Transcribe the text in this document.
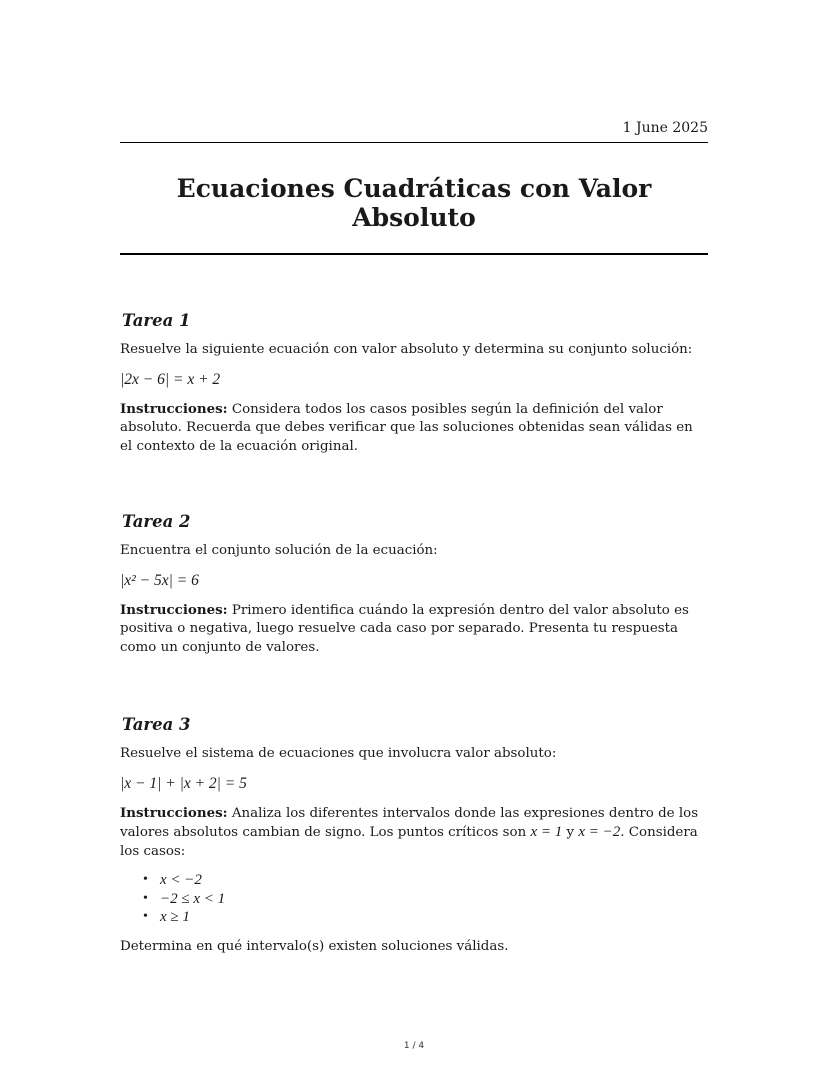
1 June 2025
Ecuaciones Cuadráticas con Valor Absoluto
Tarea 1

Resuelve la siguiente ecuación con valor absoluto y determina su conjunto solución:

|2x − 6| = x + 2

Instrucciones: Considera todos los casos posibles según la definición del valor absoluto. Recuerda que debes verificar que las soluciones obtenidas sean válidas en el contexto de la ecuación original.

Tarea 2

Encuentra el conjunto solución de la ecuación:

|x² − 5x| = 6

Instrucciones: Primero identifica cuándo la expresión dentro del valor absoluto es positiva o negativa, luego resuelve cada caso por separado. Presenta tu respuesta como un conjunto de valores.

Tarea 3

Resuelve el sistema de ecuaciones que involucra valor absoluto:

|x − 1| + |x + 2| = 5

Instrucciones: Analiza los diferentes intervalos donde las expresiones dentro de los valores absolutos cambian de signo. Los puntos críticos son x = 1 y x = −2. Considera los casos:

• x < −2
• −2 ≤ x < 1
• x ≥ 1

Determina en qué intervalo(s) existen soluciones válidas.

1 / 4
